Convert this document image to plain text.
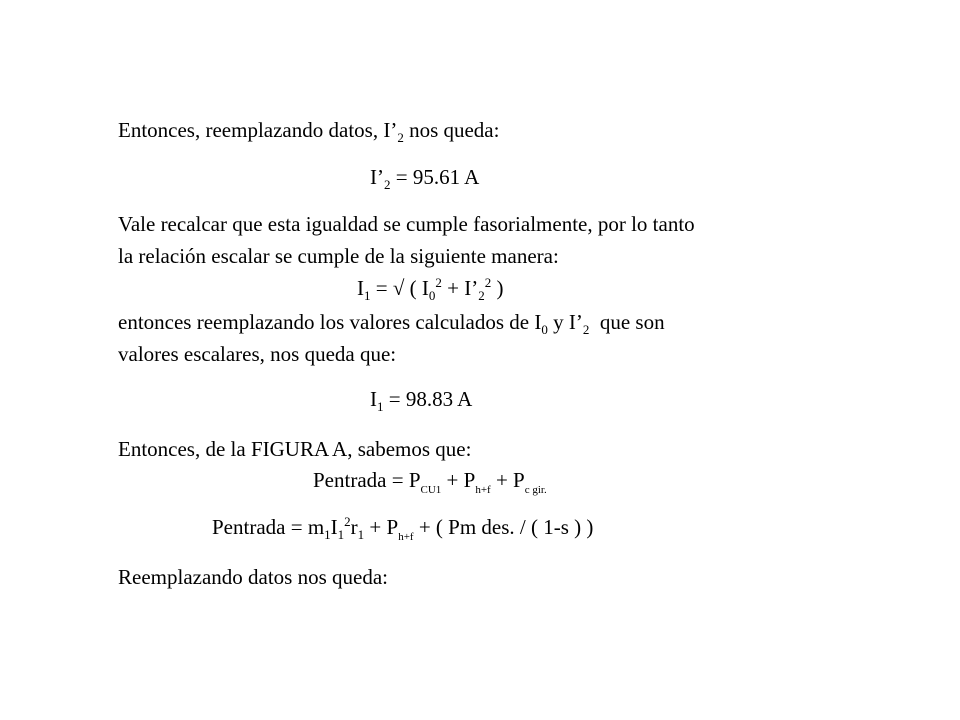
Entonces, reemplazando datos, $I’_2$ nos queda:

$I’_2 = 95.61$ A

Vale recalcar que esta igualdad se cumple fasorialmente, por lo tanto

la relación escalar se cumple de la siguiente manera:

$I_1$ = √ ( $I_0^2$ + $I’_2^2$ )

entonces reemplazando los valores calculados de $I_0$ y $I’_2$  que son

valores escalares, nos queda que:

$I_1 = 98.83$ A

Entonces, de la FIGURA A, sabemos que:

Pentrada = $P_{CU1} + P_{h+f} + P_{c gir.}$

Pentrada = $m_1I_1^2r_1 + P_{h+f}$ + ( Pm des. / ( 1-s ) )

Reemplazando datos nos queda:
